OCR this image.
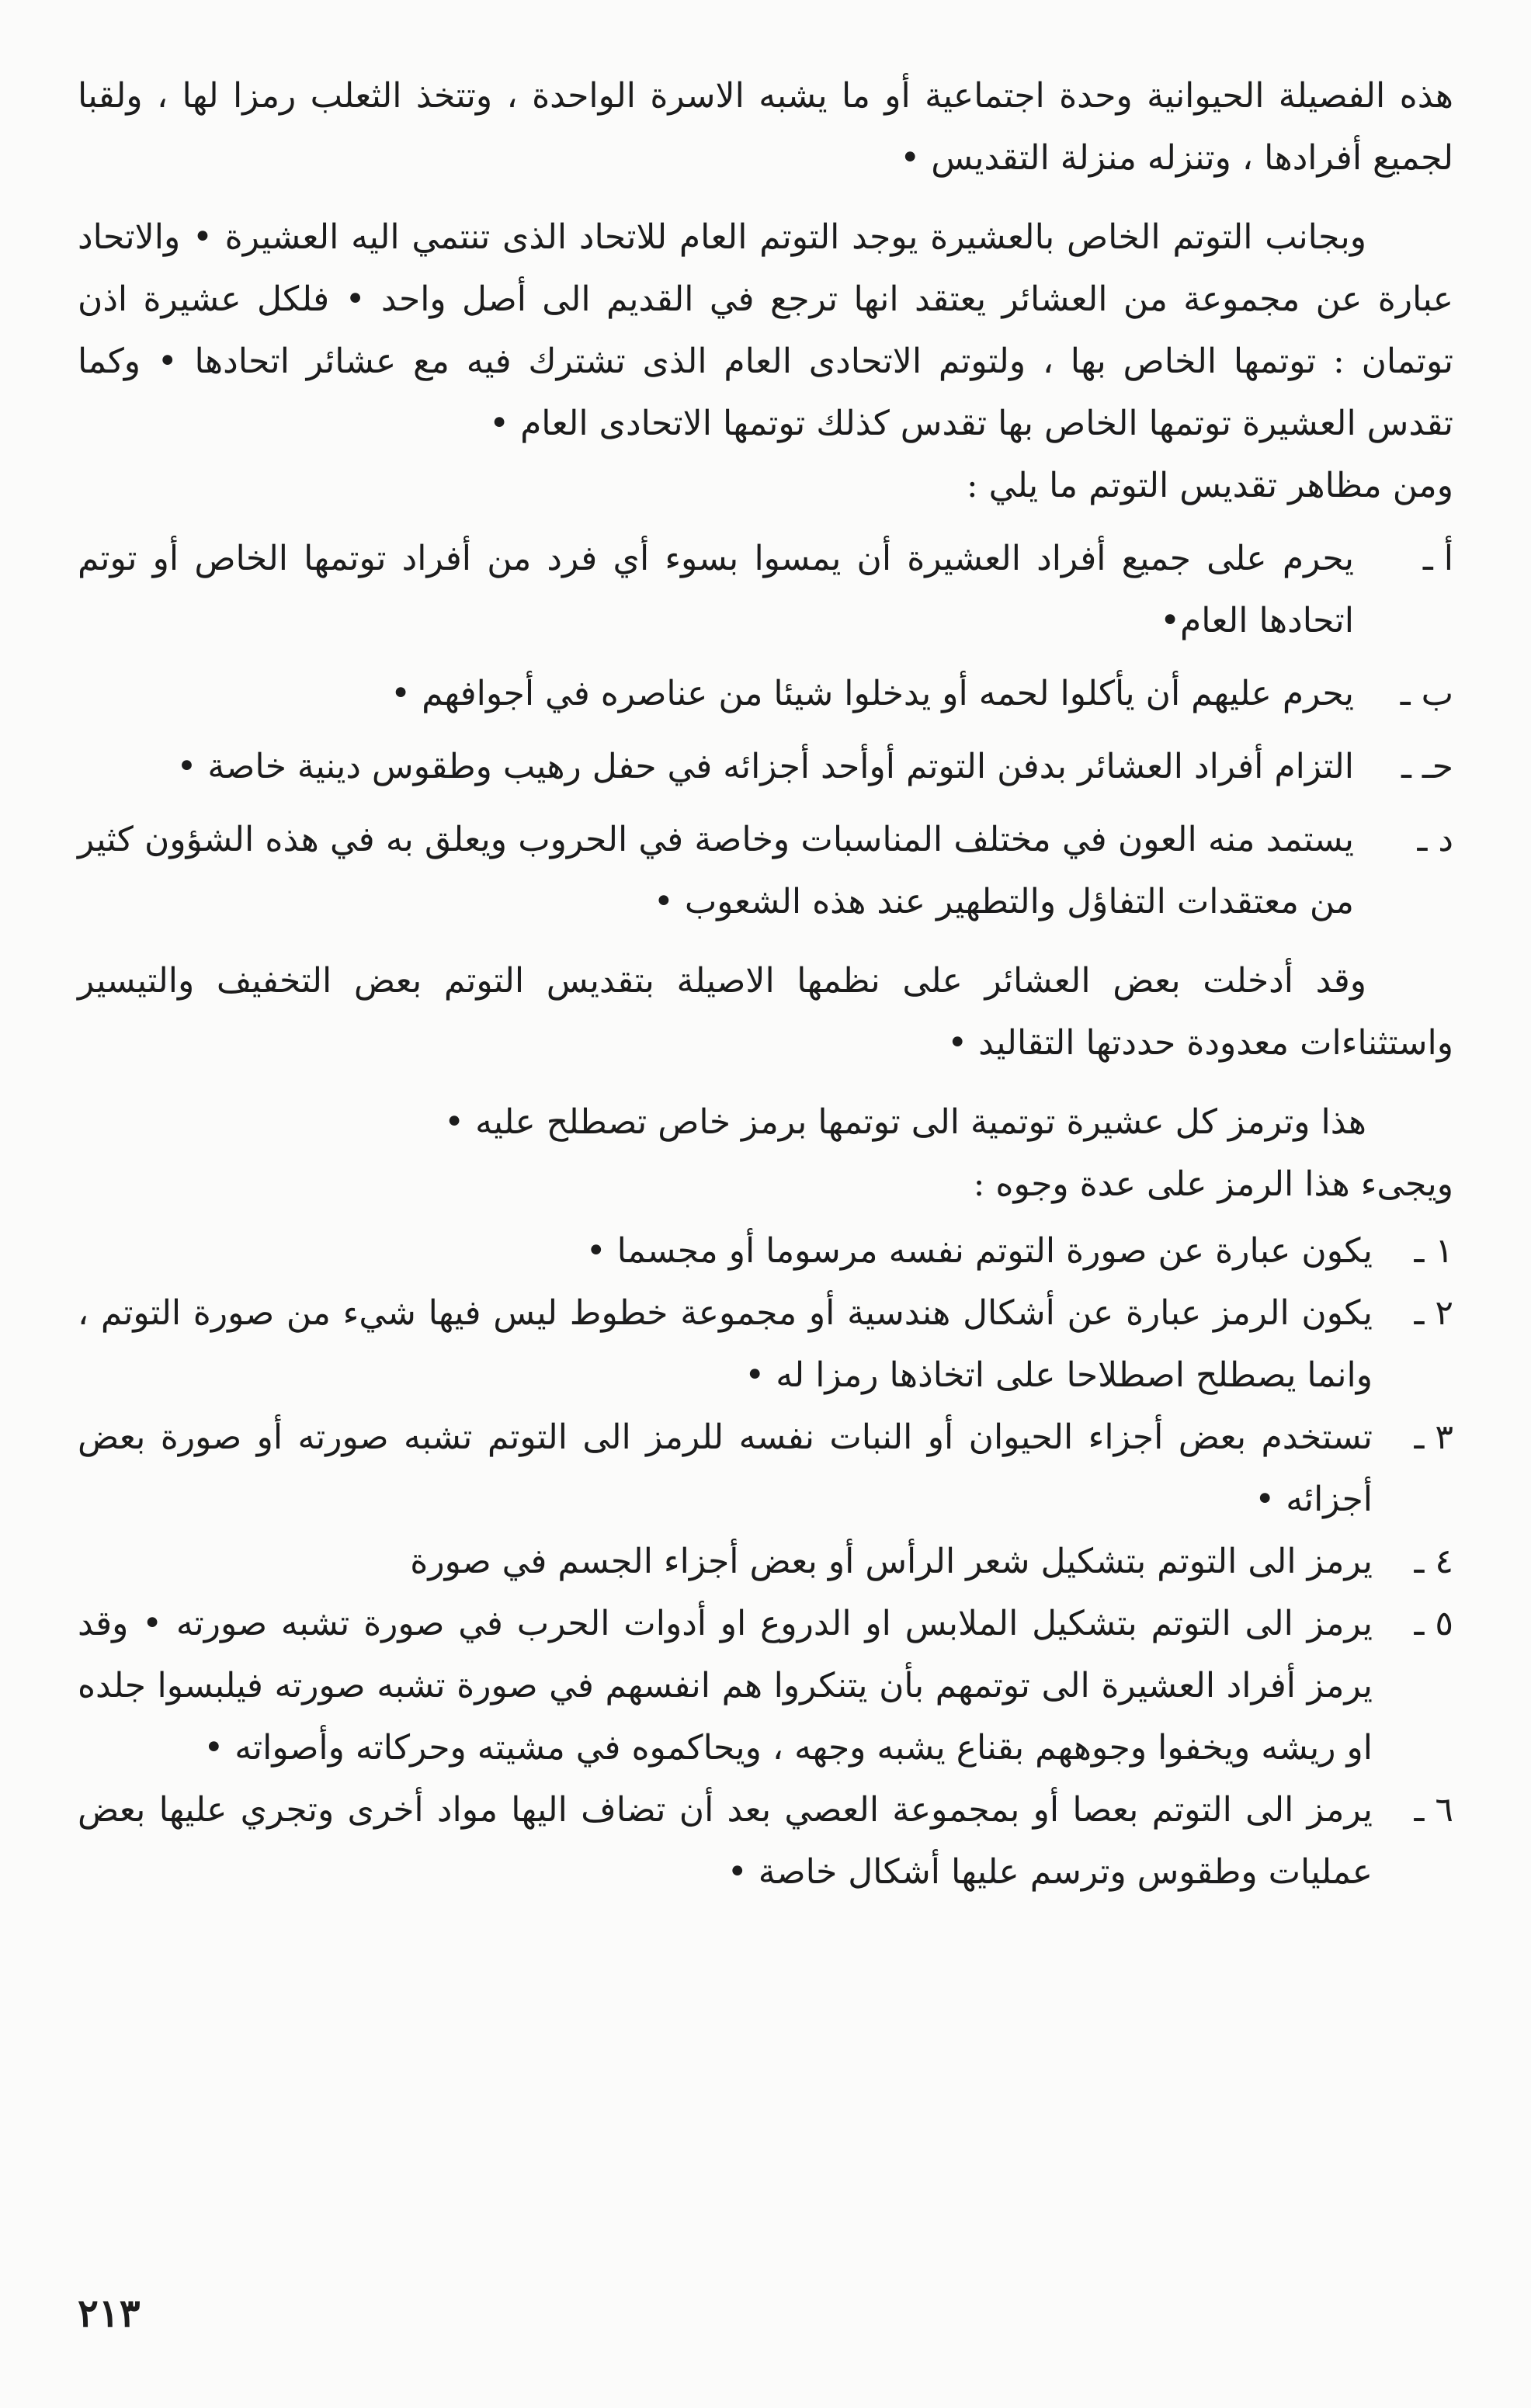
هذه الفصيلة الحيوانية وحدة اجتماعية أو ما يشبه الاسرة الواحدة ، وتتخذ الثعلب رمزا لها ، ولقبا لجميع أفرادها ، وتنزله منزلة التقديس •

وبجانب التوتم الخاص بالعشيرة يوجد التوتم العام للاتحاد الذى تنتمي اليه العشيرة • والاتحاد عبارة عن مجموعة من العشائر يعتقد انها ترجع في القديم الى أصل واحد • فلكل عشيرة اذن توتمان : توتمها الخاص بها ، ولتوتم الاتحادى العام الذى تشترك فيه مع عشائر اتحادها • وكما تقدس العشيرة توتمها الخاص بها تقدس كذلك توتمها الاتحادى العام •

ومن مظاهر تقديس التوتم ما يلي :

أ ـ
يحرم على جميع أفراد العشيرة أن يمسوا بسوء أي فرد من أفراد توتمها الخاص أو توتم اتحادها العام•
ب ـ
يحرم عليهم أن يأكلوا لحمه أو يدخلوا شيئا من عناصره في أجوافهم •
حـ ـ
التزام أفراد العشائر بدفن التوتم أوأحد أجزائه في حفل رهيب وطقوس دينية خاصة •
د ـ
يستمد منه العون في مختلف المناسبات وخاصة في الحروب ويعلق به في هذه الشؤون كثير من معتقدات التفاؤل والتطهير عند هذه الشعوب •

وقد أدخلت بعض العشائر على نظمها الاصيلة بتقديس التوتم بعض التخفيف والتيسير واستثناءات معدودة حددتها التقاليد •

هذا وترمز كل عشيرة توتمية الى توتمها برمز خاص تصطلح عليه •

ويجىء هذا الرمز على عدة وجوه :

١ ـ
يكون عبارة عن صورة التوتم نفسه مرسوما أو مجسما •
٢ ـ
يكون الرمز عبارة عن أشكال هندسية أو مجموعة خطوط ليس فيها شيء من صورة التوتم ، وانما يصطلح اصطلاحا على اتخاذها رمزا له •
٣ ـ
تستخدم بعض أجزاء الحيوان أو النبات نفسه للرمز الى التوتم تشبه صورته أو صورة بعض أجزائه •
٤ ـ
يرمز الى التوتم بتشكيل شعر الرأس أو بعض أجزاء الجسم في صورة
٥ ـ
يرمز الى التوتم بتشكيل الملابس او الدروع او أدوات الحرب في صورة تشبه صورته • وقد يرمز أفراد العشيرة الى توتمهم بأن يتنكروا هم انفسهم في صورة تشبه صورته فيلبسوا جلده او ريشه ويخفوا وجوههم بقناع يشبه وجهه ، ويحاكموه في مشيته وحركاته وأصواته •
٦ ـ
يرمز الى التوتم بعصا أو بمجموعة العصي بعد أن تضاف اليها مواد أخرى وتجري عليها بعض عمليات وطقوس وترسم عليها أشكال خاصة •
٢١٣
